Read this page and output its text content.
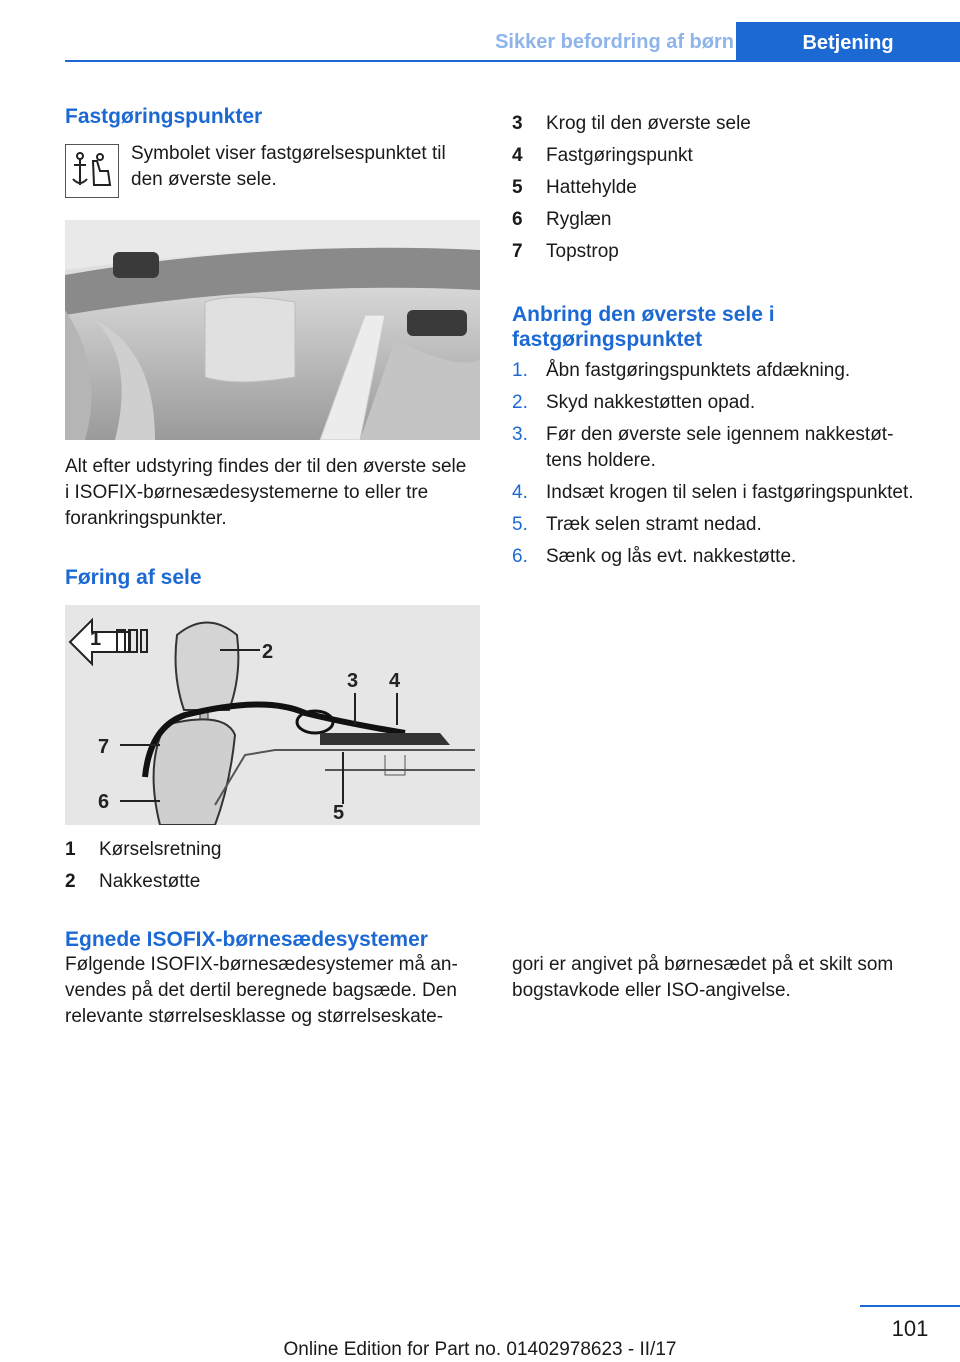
Sikker befordring af børn	Betjening
Fastgøringspunkter
Symbolet viser fastgørelsespunktet til den øverste sele.
Alt efter udstyring findes der til den øverste sele i ISOFIX-børnesædesystemerne to eller tre forankringspunkter.
Føring af sele
1
2
3 4
5
6
7
1 Kørselsretning
2 Nakkestøtte
Egnede ISOFIX-børnesædesystemer
Følgende ISOFIX-børnesædesystemer må anvendes på det dertil beregnede bagsæde. Den relevante størrelsesklasse og størrelseskate-
3 Krog til den øverste sele
4 Fastgøringspunkt
5 Hattehylde
6 Ryglæn
7 Topstrop
Anbring den øverste sele i fastgøringspunktet
1. Åbn fastgøringspunktets afdækning.
2. Skyd nakkestøtten opad.
3. Før den øverste sele igennem nakkestøttens holdere.
4. Indsæt krogen til selen i fastgøringspunktet.
5. Træk selen stramt nedad.
6. Sænk og lås evt. nakkestøtte.
gori er angivet på børnesædet på et skilt som bogstavkode eller ISO-angivelse.
101
Online Edition for Part no. 01402978623 - II/17
